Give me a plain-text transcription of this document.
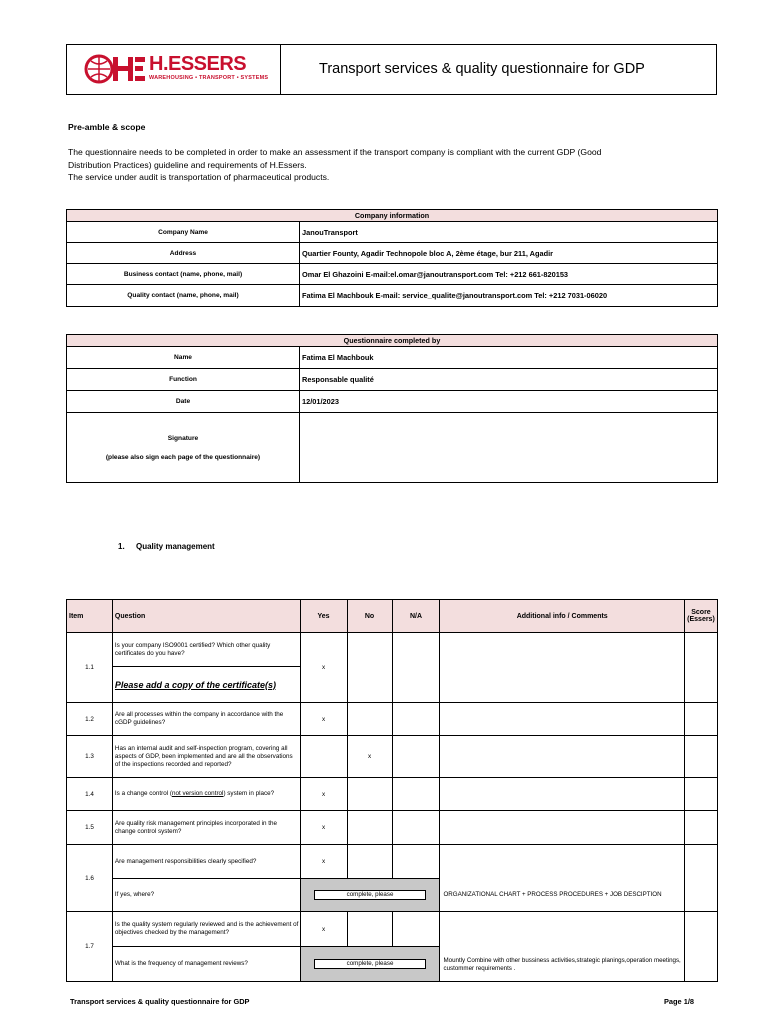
H.ESSERS
WAREHOUSING • TRANSPORT • SYSTEMS
Transport services & quality questionnaire for GDP
Pre-amble & scope
The questionnaire needs to be completed in order to make an assessment if the transport company is compliant with the current GDP (Good
Distribution Practices) guideline and requirements of H.Essers.
The service under audit is transportation of pharmaceutical products.
Company information	
Company Name	JanouTransport
Address	Quartier Founty, Agadir Technopole bloc A, 2ème étage, bur 211, Agadir
Business contact (name, phone, mail)	Omar El Ghazoini E-mail:el.omar@janoutransport.com Tel: +212 661-820153
Quality contact (name, phone, mail)	Fatima El Machbouk E-mail: service_qualite@janoutransport.com Tel: +212 7031-06020
Questionnaire completed by	
Name	Fatima El Machbouk
Function	Responsable qualité
Date	12/01/2023

Signature
(please also sign each page of the questionnaire)	

1. Quality management
Item	Question	Yes	No	N/A	Additional info / Comments	Score (Essers)
1.1	Is your company ISO9001 certified? Which other quality certificates do you have?	x				
	Please add a copy of the certificate(s)					
1.2	Are all processes within the company in accordance with the cGDP guidelines?	x				
1.3	Has an internal audit and self-inspection program, covering all aspects of GDP, been implemented and are all the observations of the inspections recorded and reported?		x			
1.4	Is a change control (not version control) system in place?	x				
1.5	Are quality risk management principles incorporated in the change control system?	x				
1.6	Are management responsibilities clearly specified?	x			ORGANIZATIONAL CHART + PROCESS PROCEDURES + JOB DESCIPTION	

	If yes, where?	complete, please				

1.7	Is the quality system regularly reviewed and is the achievement of objectives checked by the management?	x			Mountly Combine with other bussiness activities,strategic planings,operation meetings, custommer requirements .	

	What is the frequency of management reviews?	complete, please				
Transport services & quality questionnaire for GDP	Page 1/8
